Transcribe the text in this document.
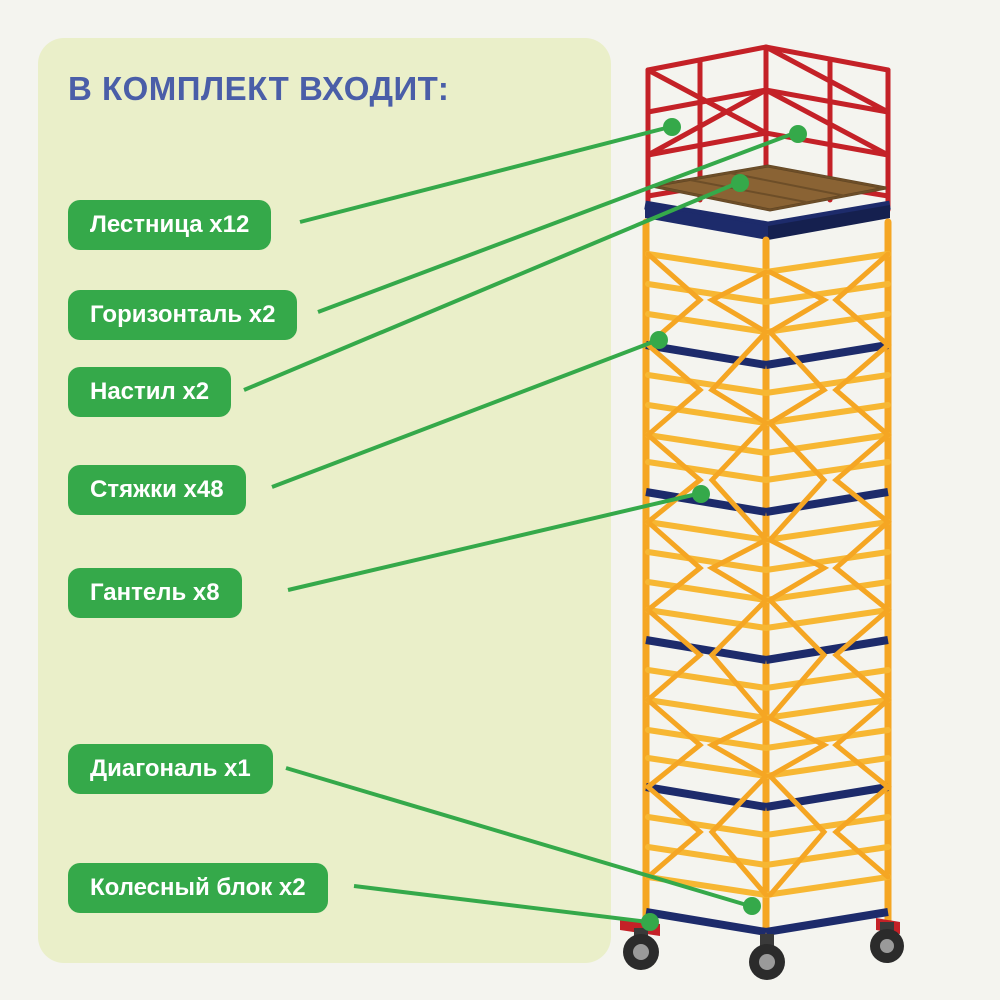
В КОМПЛЕКТ ВХОДИТ:
Лестница х12
Горизонталь х2
Настил х2
Стяжки х48
Гантель х8
Диагональ х1
Колесный блок х2
